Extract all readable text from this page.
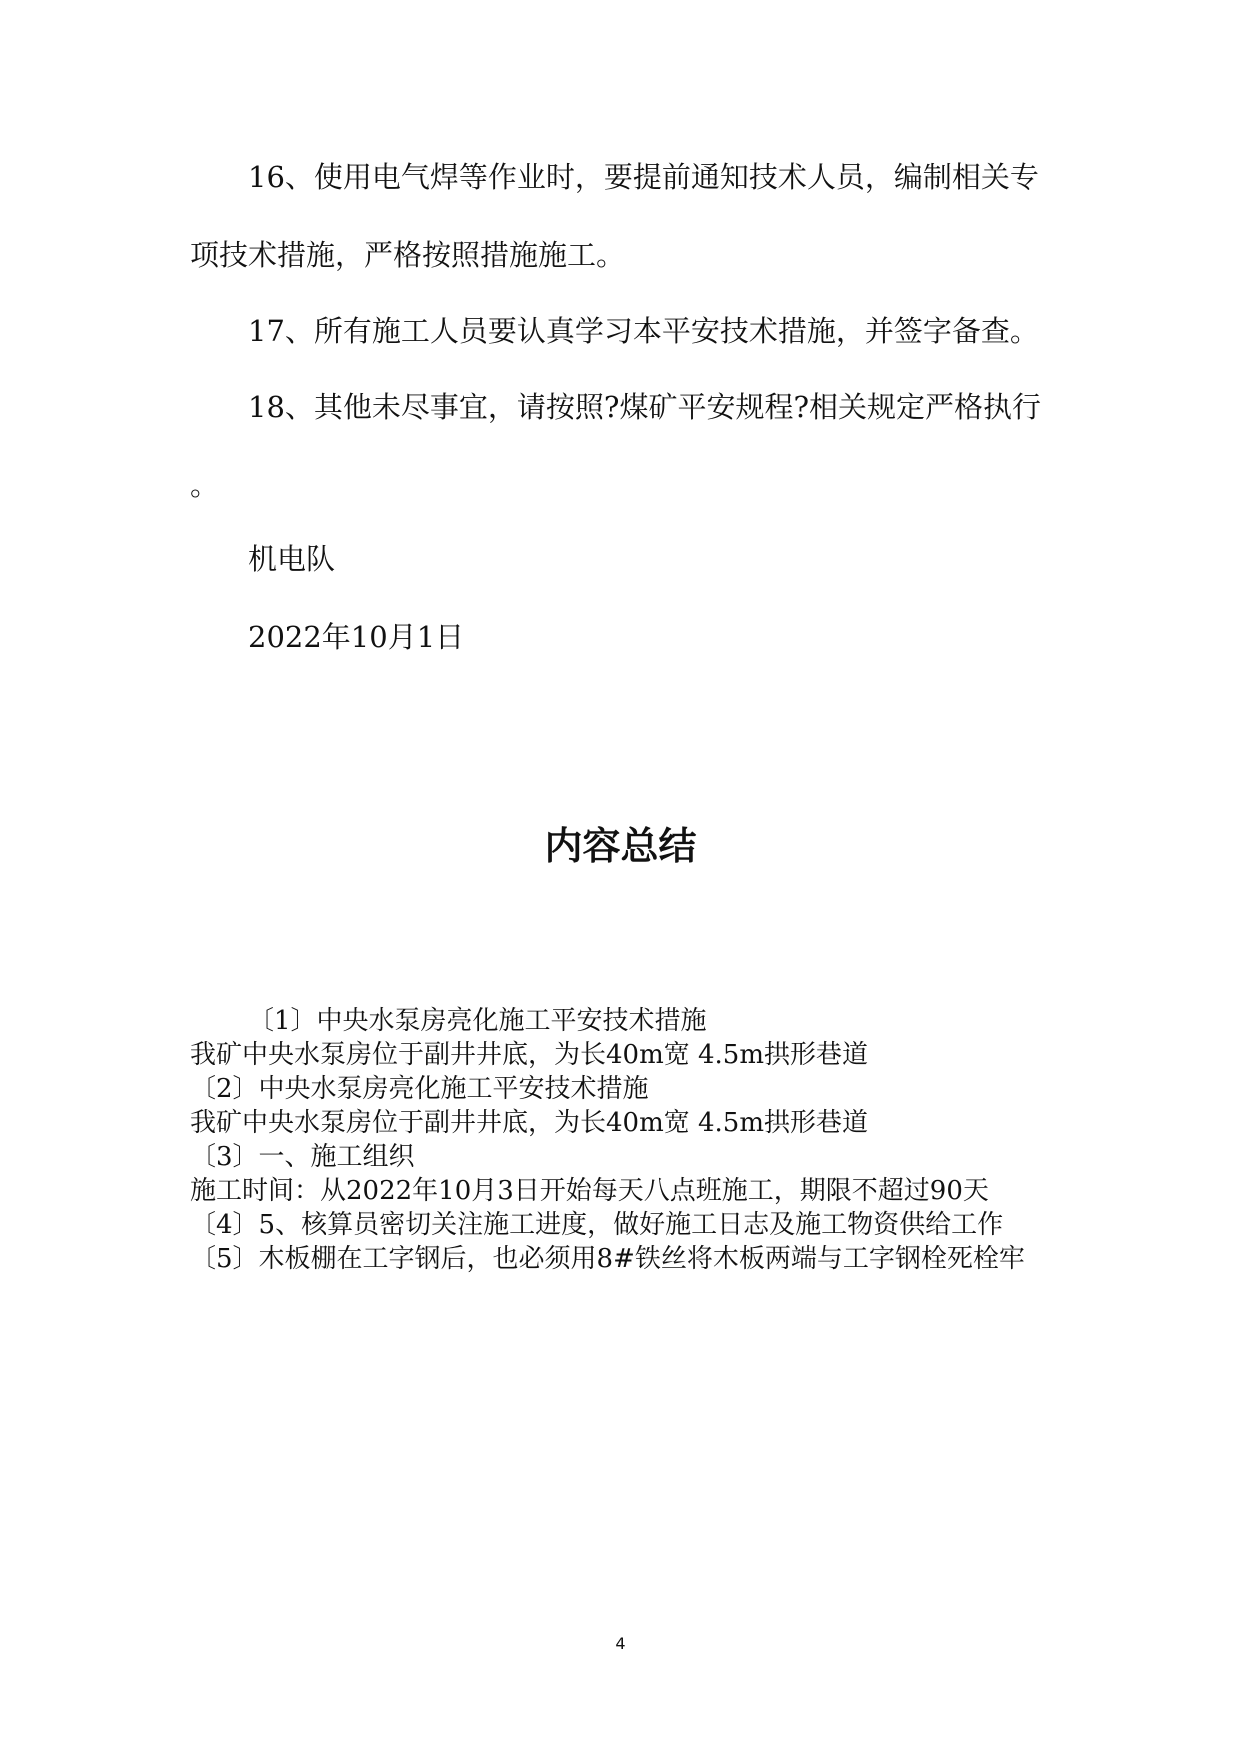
16、使用电气焊等作业时，要提前通知技术人员，编制相关专
项技术措施，严格按照措施施工。
17、所有施工人员要认真学习本平安技术措施，并签字备查。
18、其他未尽事宜，请按照?煤矿平安规程?相关规定严格执行
。
机电队
2022年10月1日
内容总结
〔1〕中央水泵房亮化施工平安技术措施
我矿中央水泵房位于副井井底，为长40m宽 4.5m拱形巷道
〔2〕中央水泵房亮化施工平安技术措施
我矿中央水泵房位于副井井底，为长40m宽 4.5m拱形巷道
〔3〕一、施工组织
施工时间：从2022年10月3日开始每天八点班施工，期限不超过90天
〔4〕5、核算员密切关注施工进度，做好施工日志及施工物资供给工作
〔5〕木板棚在工字钢后，也必须用8#铁丝将木板两端与工字钢栓死栓牢
4
